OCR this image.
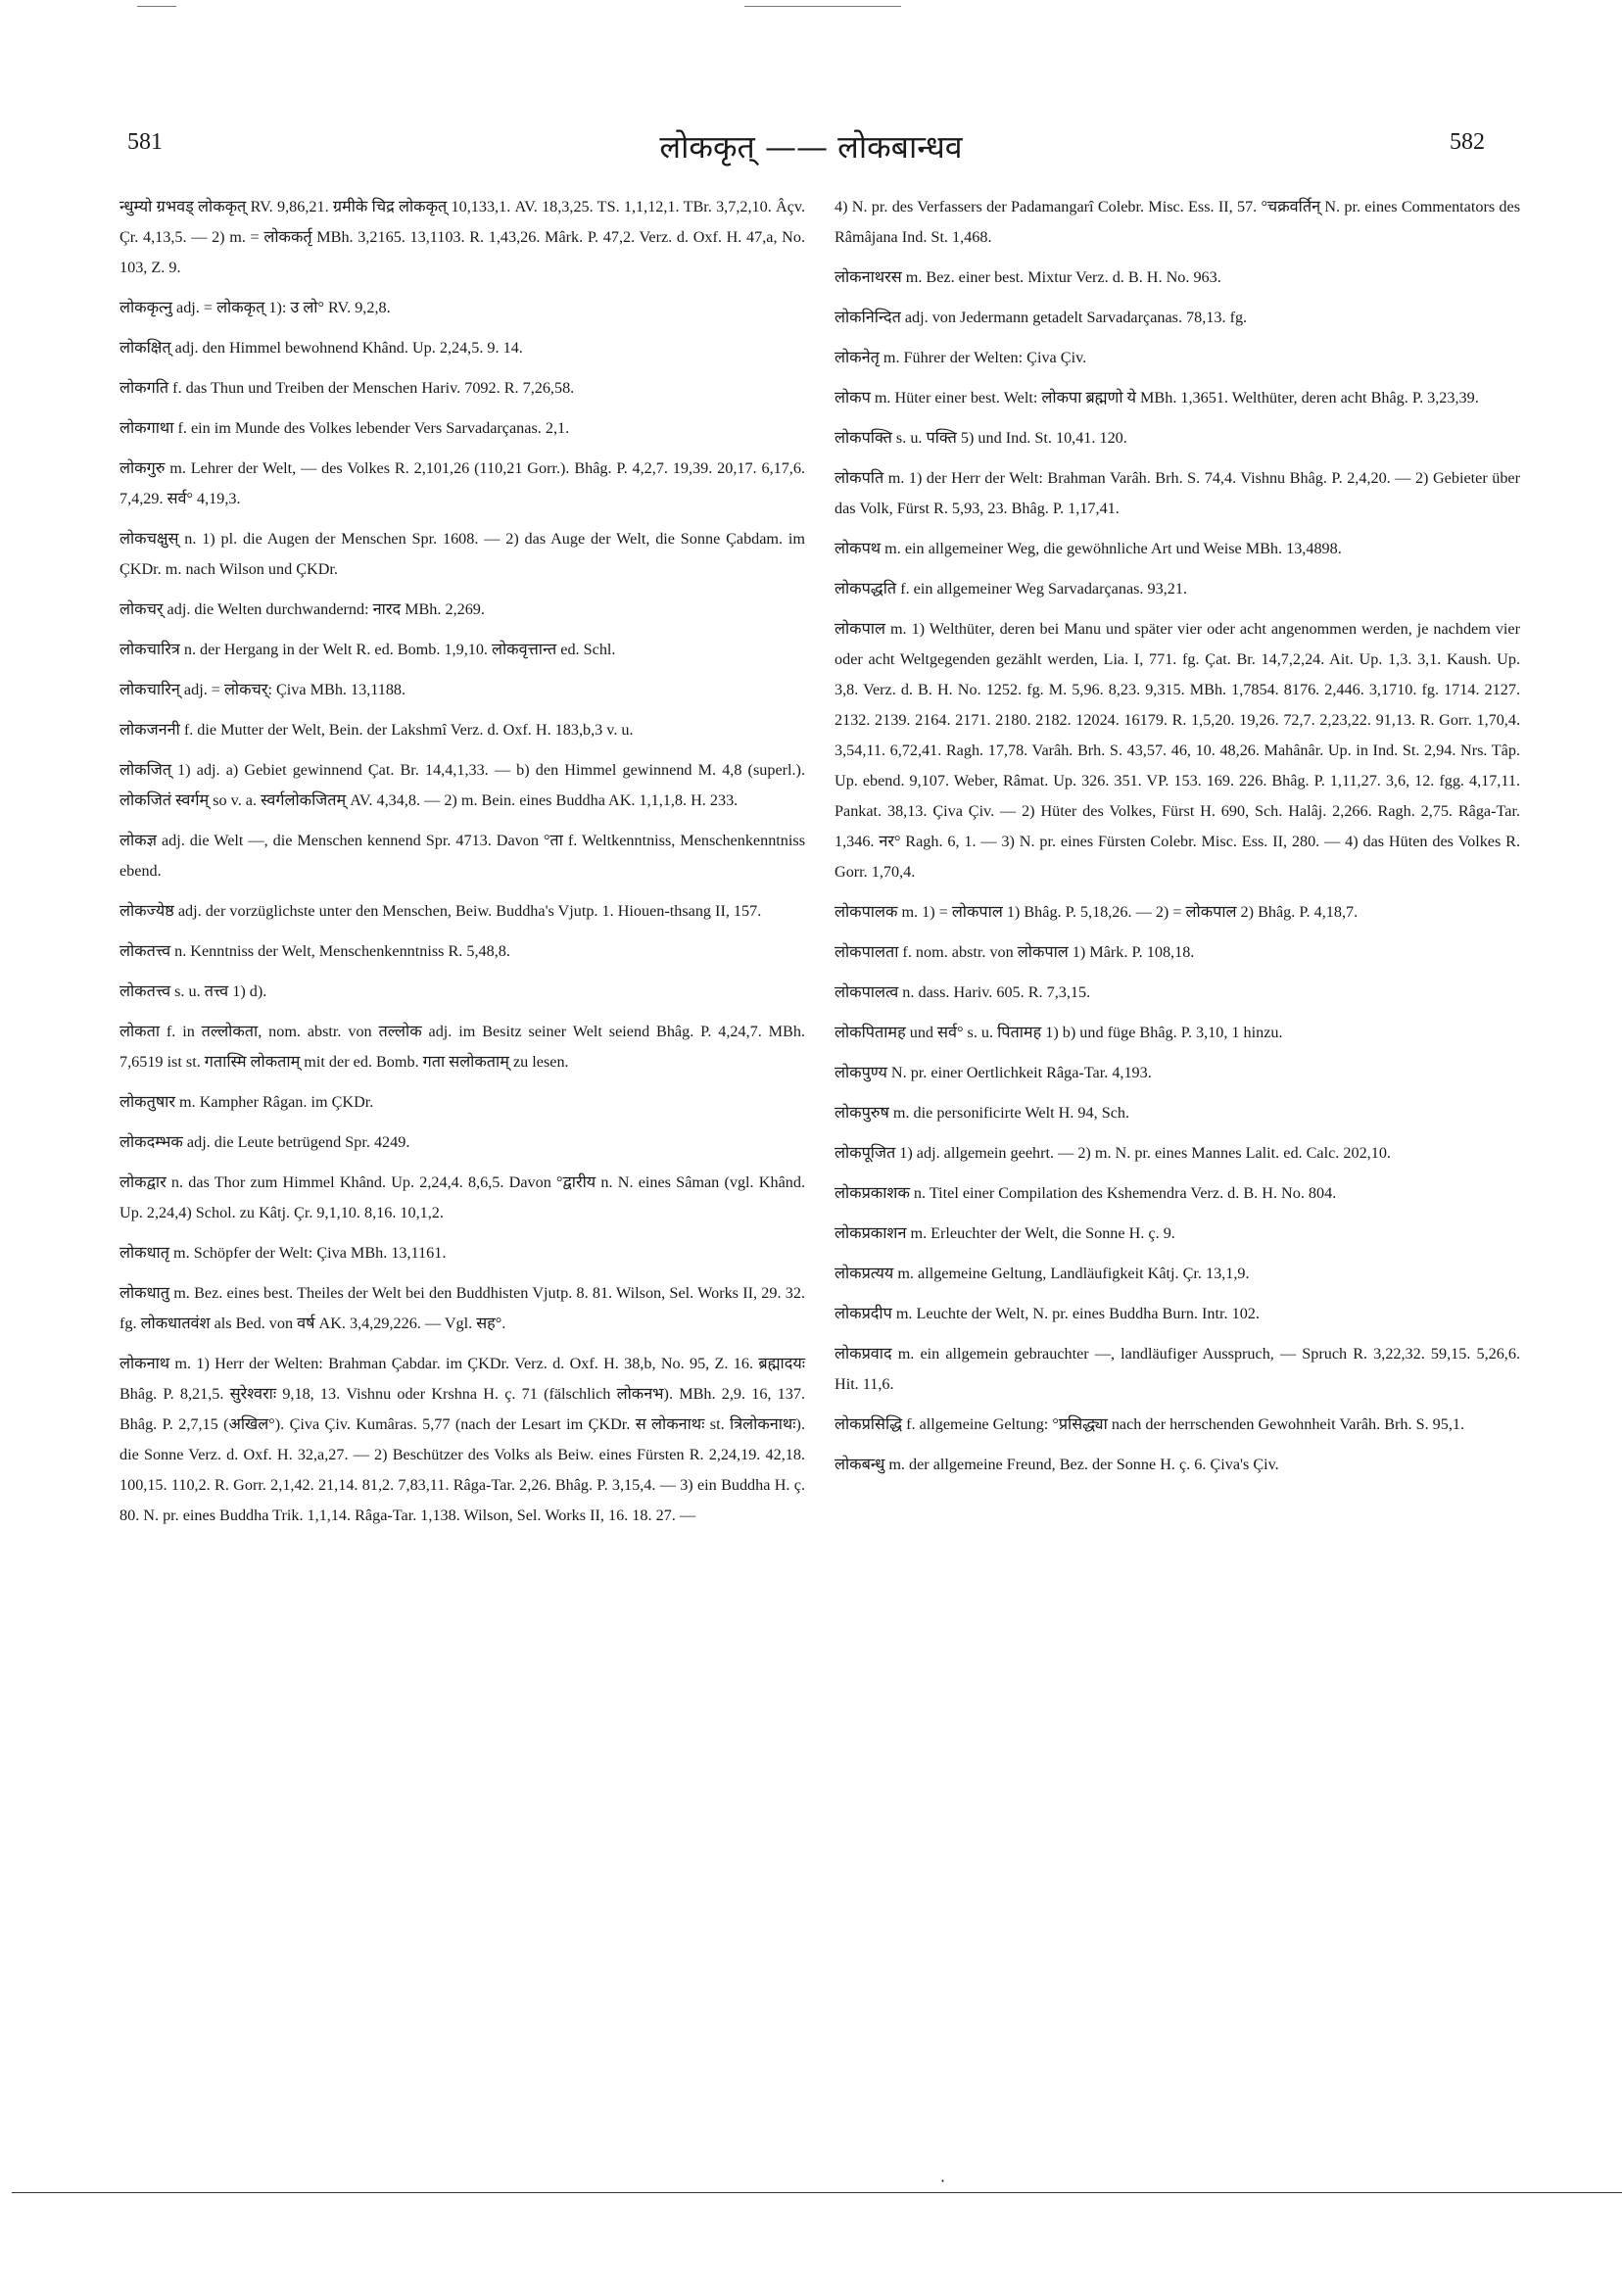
581	लोककृत् —— लोकबान्धव	582

न्धुम्यो ग्रभवड् लोककृत् RV. 9,86,21. ग्रमीके चिद्र लोककृत् 10,133,1. AV. 18,3,25. TS. 1,1,12,1. TBr. 3,7,2,10. Âçv. Çr. 4,13,5. — 2) m. = लोककर्तृ MBh. 3,2165. 13,1103. R. 1,43,26. Mârk. P. 47,2. Verz. d. Oxf. H. 47,a, No. 103, Z. 9.

लोककृत्नु adj. = लोककृत् 1): उ लो° RV. 9,2,8.

लोकक्षित् adj. den Himmel bewohnend Khând. Up. 2,24,5. 9. 14.

लोकगति f. das Thun und Treiben der Menschen Hariv. 7092. R. 7,26,58.

लोकगाथा f. ein im Munde des Volkes lebender Vers Sarvadarçanas. 2,1.

लोकगुरु m. Lehrer der Welt, — des Volkes R. 2,101,26 (110,21 Gorr.). Bhâg. P. 4,2,7. 19,39. 20,17. 6,17,6. 7,4,29. सर्व° 4,19,3.

लोकचक्षुस् n. 1) pl. die Augen der Menschen Spr. 1608. — 2) das Auge der Welt, die Sonne Çabdam. im ÇKDr. m. nach Wilson und ÇKDr.

लोकचर् adj. die Welten durchwandernd: नारद MBh. 2,269.

लोकचारित्र n. der Hergang in der Welt R. ed. Bomb. 1,9,10. लोकवृत्तान्त ed. Schl.

लोकचारिन् adj. = लोकचर्: Çiva MBh. 13,1188.

लोकजननी f. die Mutter der Welt, Bein. der Lakshmî Verz. d. Oxf. H. 183,b,3 v. u.

लोकजित् 1) adj. a) Gebiet gewinnend Çat. Br. 14,4,1,33. — b) den Himmel gewinnend M. 4,8 (superl.). लोकजितं स्वर्गम् so v. a. स्वर्गलोकजितम् AV. 4,34,8. — 2) m. Bein. eines Buddha AK. 1,1,1,8. H. 233.

लोकज्ञ adj. die Welt —, die Menschen kennend Spr. 4713. Davon °ता f. Weltkenntniss, Menschenkenntniss ebend.

लोकज्येष्ठ adj. der vorzüglichste unter den Menschen, Beiw. Buddha's Vjutp. 1. Hiouen-thsang II, 157.

लोकतत्त्व n. Kenntniss der Welt, Menschenkenntniss R. 5,48,8.

लोकतत्त्व s. u. तत्त्व 1) d).

लोकता f. in तल्लोकता, nom. abstr. von तल्लोक adj. im Besitz seiner Welt seiend Bhâg. P. 4,24,7. MBh. 7,6519 ist st. गतास्मि लोकताम् mit der ed. Bomb. गता सलोकताम् zu lesen.

लोकतुषार m. Kampher Râgan. im ÇKDr.

लोकदम्भक adj. die Leute betrügend Spr. 4249.

लोकद्वार n. das Thor zum Himmel Khând. Up. 2,24,4. 8,6,5. Davon °द्वारीय n. N. eines Sâman (vgl. Khând. Up. 2,24,4) Schol. zu Kâtj. Çr. 9,1,10. 8,16. 10,1,2.

लोकधातृ m. Schöpfer der Welt: Çiva MBh. 13,1161.

लोकधातु m. Bez. eines best. Theiles der Welt bei den Buddhisten Vjutp. 8. 81. Wilson, Sel. Works II, 29. 32. fg. लोकधातवंश als Bed. von वर्ष AK. 3,4,29,226. — Vgl. सह°.

लोकनाथ m. 1) Herr der Welten: Brahman Çabdar. im ÇKDr. Verz. d. Oxf. H. 38,b, No. 95, Z. 16. ब्रह्मादयः Bhâg. P. 8,21,5. सुरेश्वराः 9,18, 13. Vishnu oder Krshna H. ç. 71 (fälschlich लोकनभ). MBh. 2,9. 16, 137. Bhâg. P. 2,7,15 (अखिल°). Çiva Çiv. Kumâras. 5,77 (nach der Lesart im ÇKDr. स लोकनाथः st. त्रिलोकनाथः). die Sonne Verz. d. Oxf. H. 32,a,27. — 2) Beschützer des Volks als Beiw. eines Fürsten R. 2,24,19. 42,18. 100,15. 110,2. R. Gorr. 2,1,42. 21,14. 81,2. 7,83,11. Râga-Tar. 2,26. Bhâg. P. 3,15,4. — 3) ein Buddha H. ç. 80. N. pr. eines Buddha Trik. 1,1,14. Râga-Tar. 1,138. Wilson, Sel. Works II, 16. 18. 27. —

4) N. pr. des Verfassers der Padamangarî Colebr. Misc. Ess. II, 57. °चक्रवर्तिन् N. pr. eines Commentators des Râmâjana Ind. St. 1,468.

लोकनाथरस m. Bez. einer best. Mixtur Verz. d. B. H. No. 963.

लोकनिन्दित adj. von Jedermann getadelt Sarvadarçanas. 78,13. fg.

लोकनेतृ m. Führer der Welten: Çiva Çiv.

लोकप m. Hüter einer best. Welt: लोकपा ब्रह्मणो ये MBh. 1,3651. Welthüter, deren acht Bhâg. P. 3,23,39.

लोकपक्ति s. u. पक्ति 5) und Ind. St. 10,41. 120.

लोकपति m. 1) der Herr der Welt: Brahman Varâh. Brh. S. 74,4. Vishnu Bhâg. P. 2,4,20. — 2) Gebieter über das Volk, Fürst R. 5,93, 23. Bhâg. P. 1,17,41.

लोकपथ m. ein allgemeiner Weg, die gewöhnliche Art und Weise MBh. 13,4898.

लोकपद्धति f. ein allgemeiner Weg Sarvadarçanas. 93,21.

लोकपाल m. 1) Welthüter, deren bei Manu und später vier oder acht angenommen werden, je nachdem vier oder acht Weltgegenden gezählt werden, Lia. I, 771. fg. Çat. Br. 14,7,2,24. Ait. Up. 1,3. 3,1. Kaush. Up. 3,8. Verz. d. B. H. No. 1252. fg. M. 5,96. 8,23. 9,315. MBh. 1,7854. 8176. 2,446. 3,1710. fg. 1714. 2127. 2132. 2139. 2164. 2171. 2180. 2182. 12024. 16179. R. 1,5,20. 19,26. 72,7. 2,23,22. 91,13. R. Gorr. 1,70,4. 3,54,11. 6,72,41. Ragh. 17,78. Varâh. Brh. S. 43,57. 46, 10. 48,26. Mahânâr. Up. in Ind. St. 2,94. Nrs. Tâp. Up. ebend. 9,107. Weber, Râmat. Up. 326. 351. VP. 153. 169. 226. Bhâg. P. 1,11,27. 3,6, 12. fgg. 4,17,11. Pankat. 38,13. Çiva Çiv. — 2) Hüter des Volkes, Fürst H. 690, Sch. Halâj. 2,266. Ragh. 2,75. Râga-Tar. 1,346. नर° Ragh. 6, 1. — 3) N. pr. eines Fürsten Colebr. Misc. Ess. II, 280. — 4) das Hüten des Volkes R. Gorr. 1,70,4.

लोकपालक m. 1) = लोकपाल 1) Bhâg. P. 5,18,26. — 2) = लोकपाल 2) Bhâg. P. 4,18,7.

लोकपालता f. nom. abstr. von लोकपाल 1) Mârk. P. 108,18.

लोकपालत्व n. dass. Hariv. 605. R. 7,3,15.

लोकपितामह und सर्व° s. u. पितामह 1) b) und füge Bhâg. P. 3,10, 1 hinzu.

लोकपुण्य N. pr. einer Oertlichkeit Râga-Tar. 4,193.

लोकपुरुष m. die personificirte Welt H. 94, Sch.

लोकपूजित 1) adj. allgemein geehrt. — 2) m. N. pr. eines Mannes Lalit. ed. Calc. 202,10.

लोकप्रकाशक n. Titel einer Compilation des Kshemendra Verz. d. B. H. No. 804.

लोकप्रकाशन m. Erleuchter der Welt, die Sonne H. ç. 9.

लोकप्रत्यय m. allgemeine Geltung, Landläufigkeit Kâtj. Çr. 13,1,9.

लोकप्रदीप m. Leuchte der Welt, N. pr. eines Buddha Burn. Intr. 102.

लोकप्रवाद m. ein allgemein gebrauchter —, landläufiger Ausspruch, — Spruch R. 3,22,32. 59,15. 5,26,6. Hit. 11,6.

लोकप्रसिद्धि f. allgemeine Geltung: °प्रसिद्ध्या nach der herrschenden Gewohnheit Varâh. Brh. S. 95,1.

लोकबन्धु m. der allgemeine Freund, Bez. der Sonne H. ç. 6. Çiva's Çiv.

·
